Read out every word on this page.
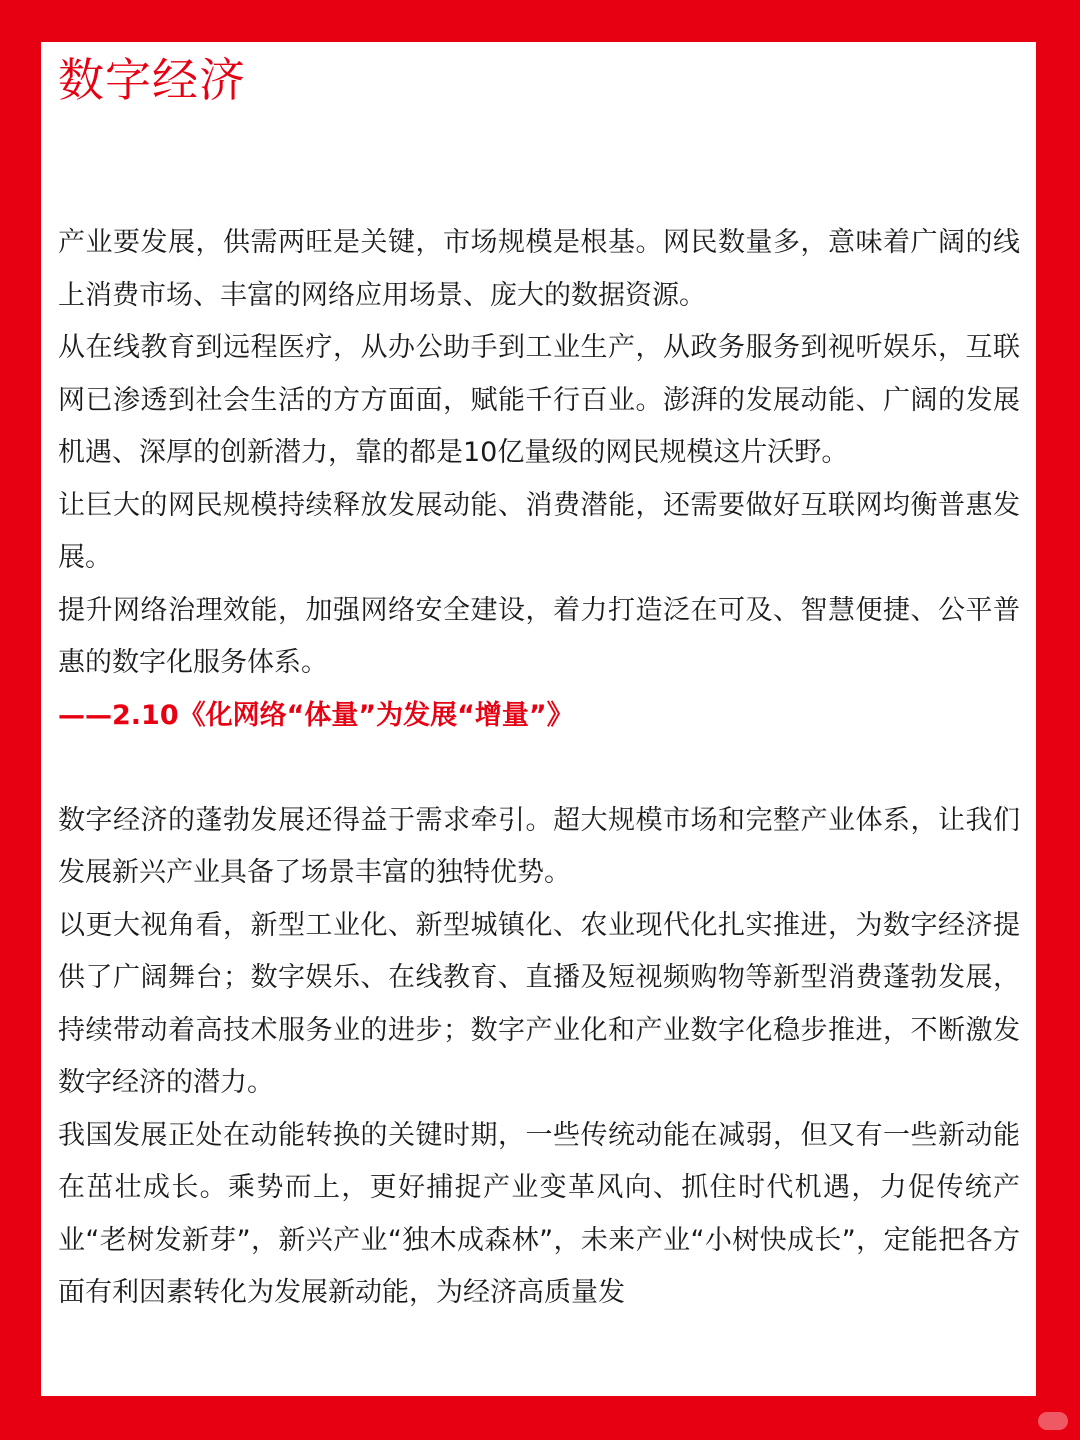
数字经济

产业要发展，供需两旺是关键，市场规模是根基。网民数量多，意味着广阔的线上消费市场、丰富的网络应用场景、庞大的数据资源。

从在线教育到远程医疗，从办公助手到工业生产，从政务服务到视听娱乐，互联网已渗透到社会生活的方方面面，赋能千行百业。澎湃的发展动能、广阔的发展机遇、深厚的创新潜力，靠的都是10亿量级的网民规模这片沃野。

让巨大的网民规模持续释放发展动能、消费潜能，还需要做好互联网均衡普惠发展。

提升网络治理效能，加强网络安全建设，着力打造泛在可及、智慧便捷、公平普惠的数字化服务体系。

——2.10《化网络“体量”为发展“增量”》

数字经济的蓬勃发展还得益于需求牵引。超大规模市场和完整产业体系，让我们发展新兴产业具备了场景丰富的独特优势。

以更大视角看，新型工业化、新型城镇化、农业现代化扎实推进，为数字经济提供了广阔舞台；数字娱乐、在线教育、直播及短视频购物等新型消费蓬勃发展，持续带动着高技术服务业的进步；数字产业化和产业数字化稳步推进，不断激发数字经济的潜力。

我国发展正处在动能转换的关键时期，一些传统动能在减弱，但又有一些新动能在茁壮成长。乘势而上，更好捕捉产业变革风向、抓住时代机遇，力促传统产业“老树发新芽”，新兴产业“独木成森林”，未来产业“小树快成长”，定能把各方面有利因素转化为发展新动能，为经济高质量发
